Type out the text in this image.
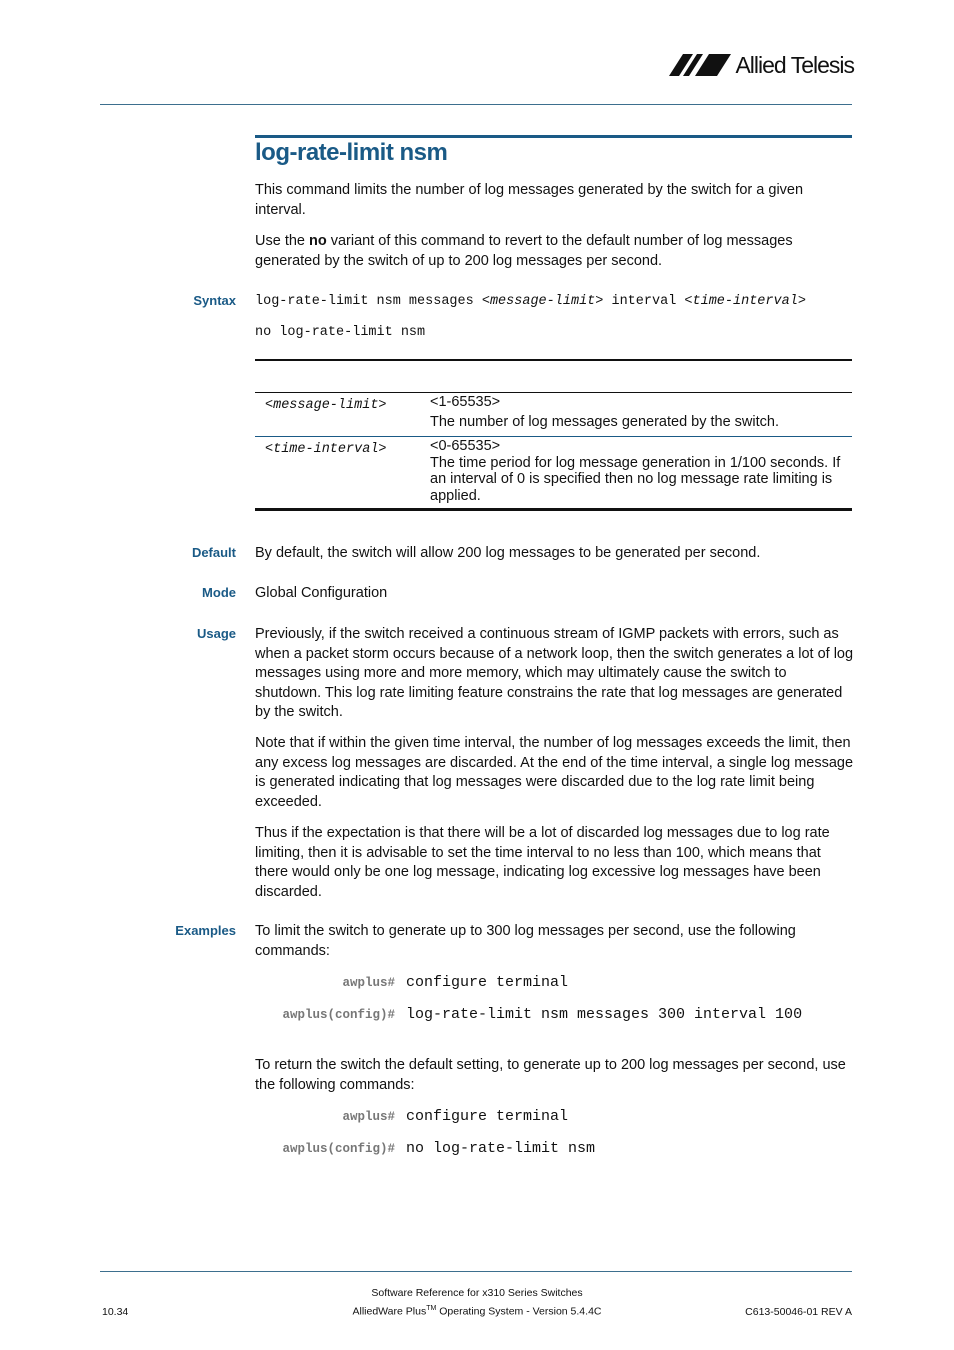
Allied Telesis
log-rate-limit nsm
This command limits the number of log messages generated by the switch for a given interval.
Use the no variant of this command to revert to the default number of log messages generated by the switch of up to 200 log messages per second.
Syntax log-rate-limit nsm messages <message-limit> interval <time-interval>
no log-rate-limit nsm
<message-limit>	<1-65535>
The number of log messages generated by the switch.
<time-interval>	<0-65535>
The time period for log message generation in 1/100 seconds. If an interval of 0 is specified then no log message rate limiting is applied.
Default By default, the switch will allow 200 log messages to be generated per second.
Mode Global Configuration
Usage Previously, if the switch received a continuous stream of IGMP packets with errors, such as when a packet storm occurs because of a network loop, then the switch generates a lot of log messages using more and more memory, which may ultimately cause the switch to shutdown. This log rate limiting feature constrains the rate that log messages are generated by the switch.
Note that if within the given time interval, the number of log messages exceeds the limit, then any excess log messages are discarded. At the end of the time interval, a single log message is generated indicating that log messages were discarded due to the log rate limit being exceeded.
Thus if the expectation is that there will be a lot of discarded log messages due to log rate limiting, then it is advisable to set the time interval to no less than 100, which means that there would only be one log message, indicating log excessive log messages have been discarded.
Examples To limit the switch to generate up to 300 log messages per second, use the following commands:
awplus# configure terminal
awplus(config)# log-rate-limit nsm messages 300 interval 100
To return the switch the default setting, to generate up to 200 log messages per second, use the following commands:
awplus# configure terminal
awplus(config)# no log-rate-limit nsm
Software Reference for x310 Series Switches
AlliedWare Plus™ Operating System - Version 5.4.4C
10.34	C613-50046-01 REV A
